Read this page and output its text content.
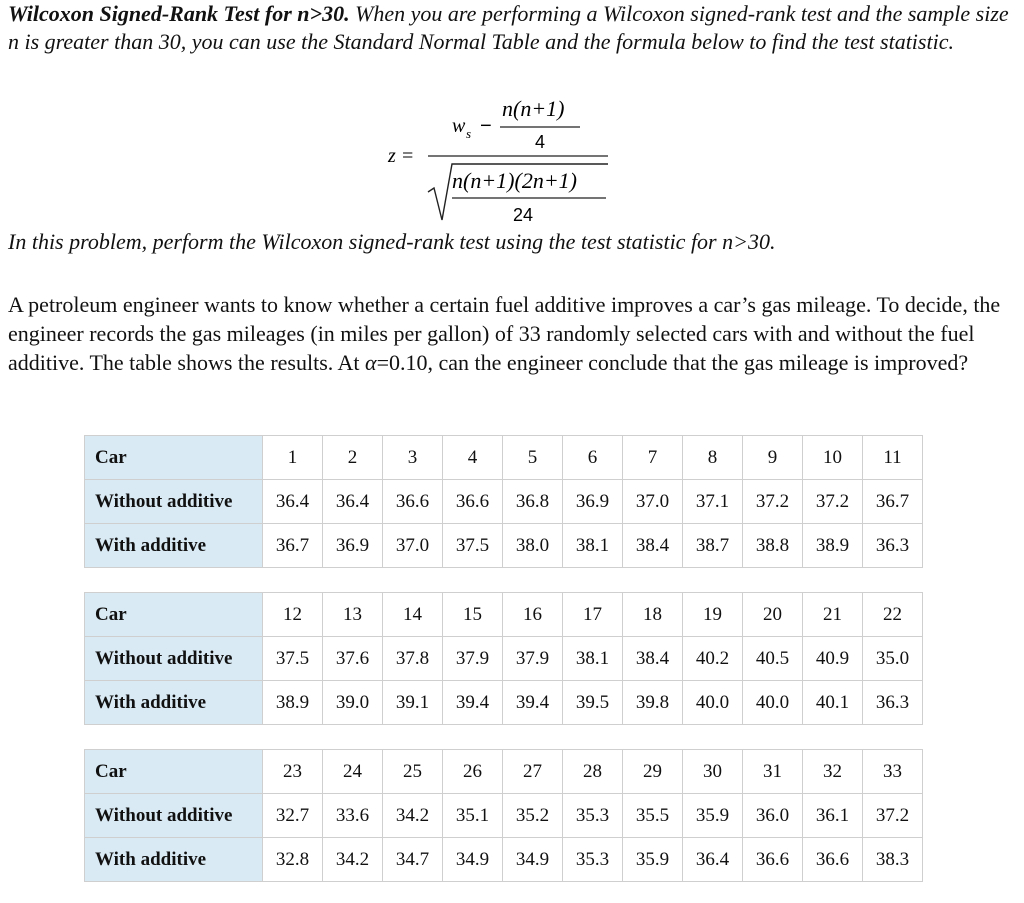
Wilcoxon Signed-Rank Test for n>30. When you are performing a Wilcoxon signed-rank test and the sample size n is greater than 30, you can use the Standard Normal Table and the formula below to find the test statistic.
z =
w s −
n(n+1)
4
n(n+1)(2n+1)
24
In this problem, perform the Wilcoxon signed-rank test using the test statistic for n>30.
A petroleum engineer wants to know whether a certain fuel additive improves a car’s gas mileage. To decide, the engineer records the gas mileages (in miles per gallon) of 33 randomly selected cars with and without the fuel additive. The table shows the results. At α=0.10, can the engineer conclude that the gas mileage is improved?
Car	1	2	3	4	5	6	7	8	9	10	11
Without additive	36.4	36.4	36.6	36.6	36.8	36.9	37.0	37.1	37.2	37.2	36.7
With additive	36.7	36.9	37.0	37.5	38.0	38.1	38.4	38.7	38.8	38.9	36.3
Car	12	13	14	15	16	17	18	19	20	21	22
Without additive	37.5	37.6	37.8	37.9	37.9	38.1	38.4	40.2	40.5	40.9	35.0
With additive	38.9	39.0	39.1	39.4	39.4	39.5	39.8	40.0	40.0	40.1	36.3
Car	23	24	25	26	27	28	29	30	31	32	33
Without additive	32.7	33.6	34.2	35.1	35.2	35.3	35.5	35.9	36.0	36.1	37.2
With additive	32.8	34.2	34.7	34.9	34.9	35.3	35.9	36.4	36.6	36.6	38.3
